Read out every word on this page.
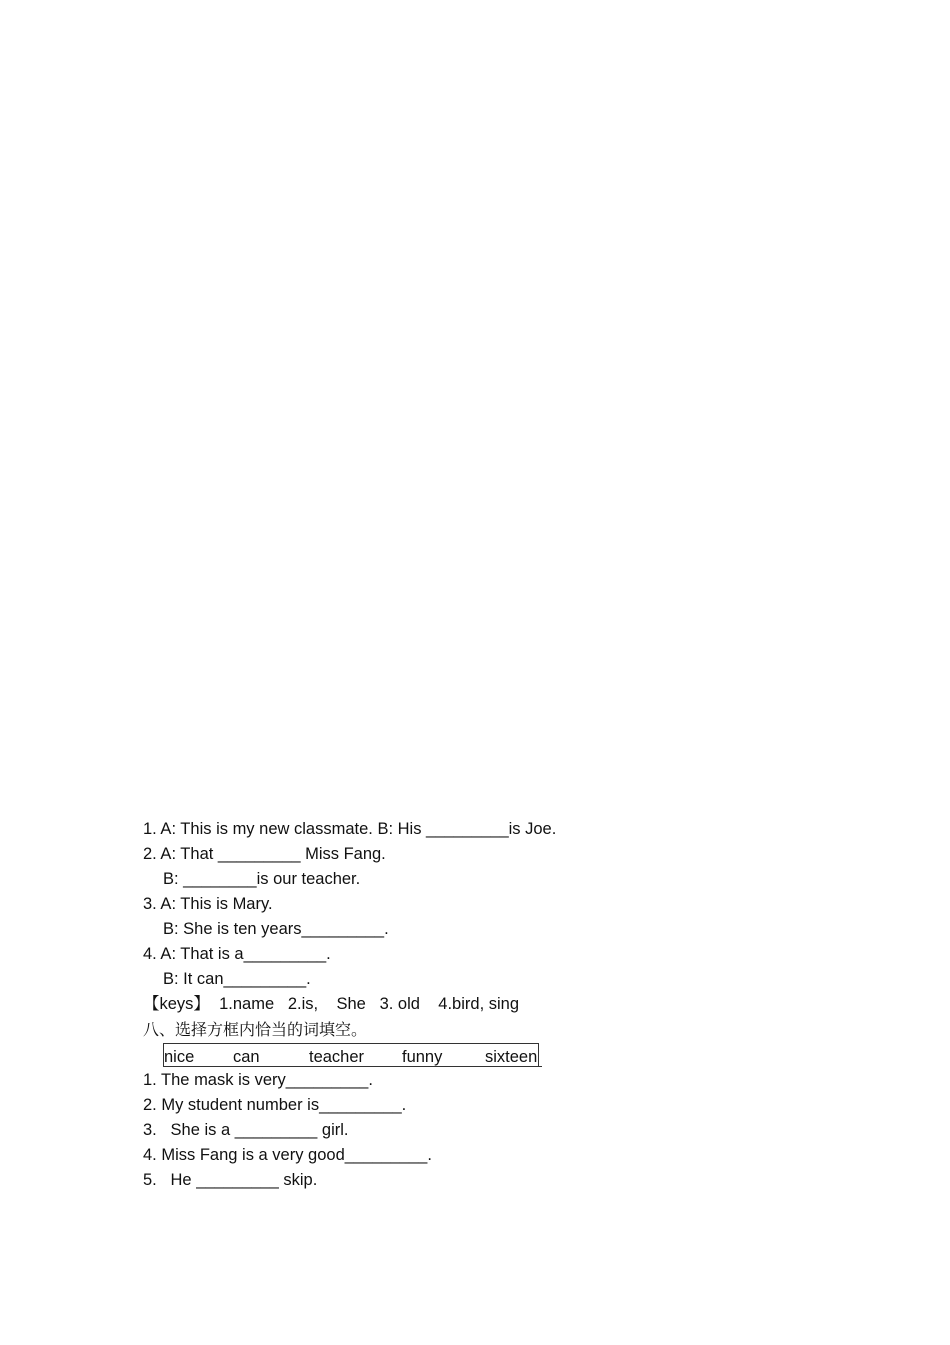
1. A: This is my new classmate. B: His _________is Joe.
2. A: That _________ Miss Fang.
B: ________is our teacher.
3. A: This is Mary.
B: She is ten years_________.
4. A: That is a_________.
B: It can_________.
【keys】  1.name   2.is,    She   3. old    4.bird, sing
八、选择方框内恰当的词填空。
nice can	teacher funny	sixteen
1. The mask is very_________.
2. My student number is_________.
3.   She is a _________ girl.
4. Miss Fang is a very good_________.
5.   He _________ skip.
